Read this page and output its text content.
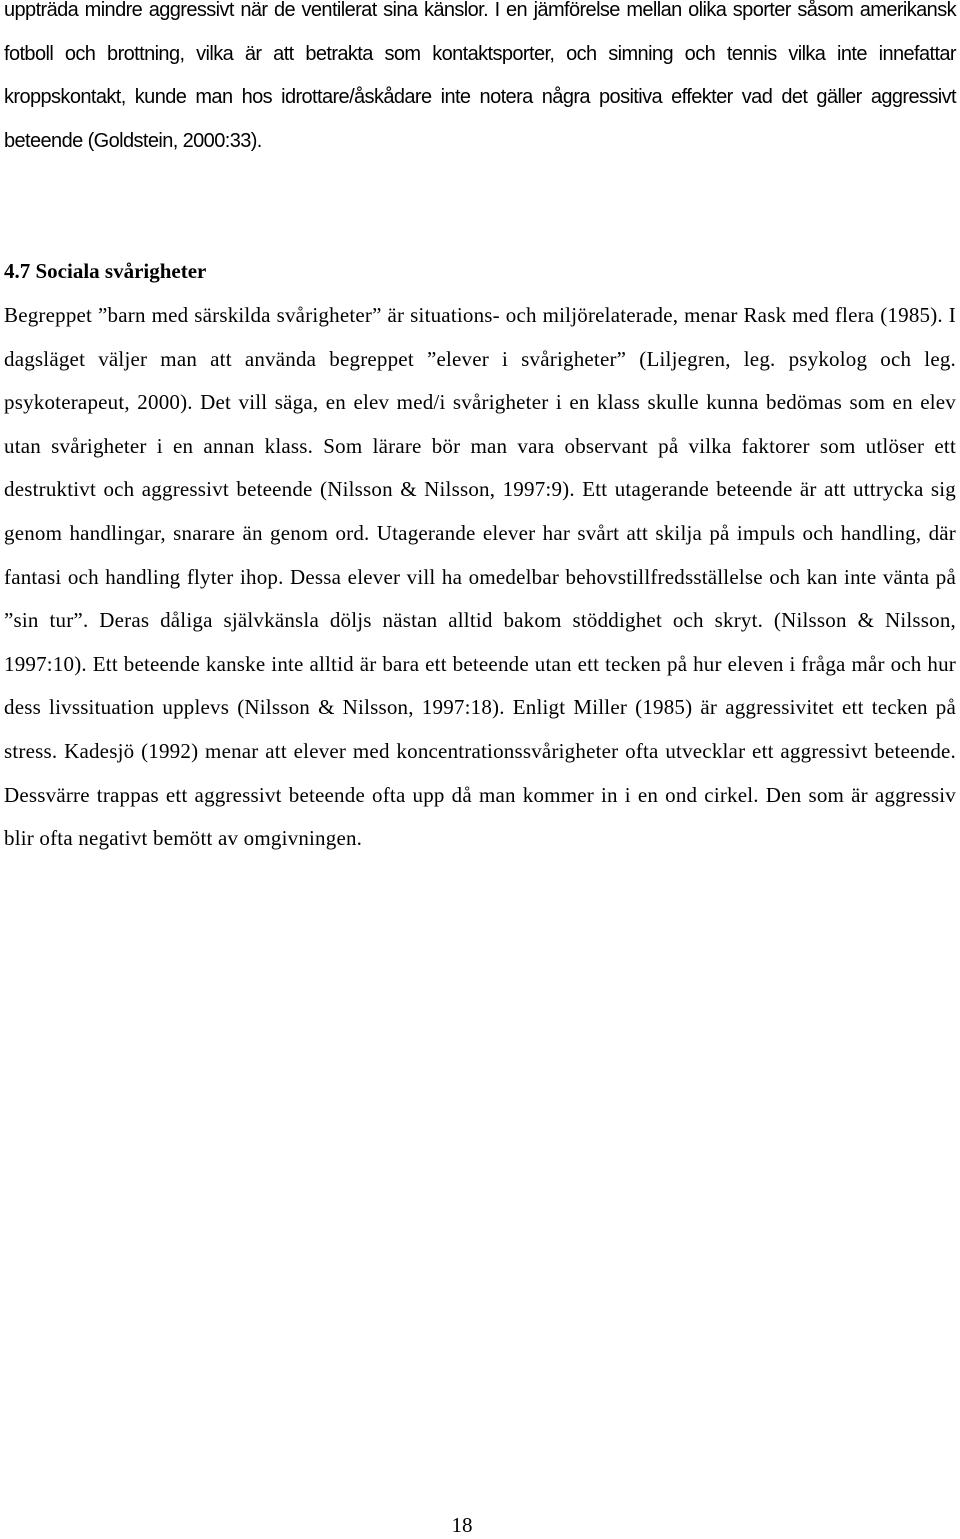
uppträda mindre aggressivt när de ventilerat sina känslor. I en jämförelse mellan olika sporter såsom amerikansk fotboll och brottning, vilka är att betrakta som kontaktsporter, och simning och tennis vilka inte innefattar kroppskontakt, kunde man hos idrottare/åskådare inte notera några positiva effekter vad det gäller aggressivt beteende (Goldstein, 2000:33).

4.7 Sociala svårigheter

Begreppet ”barn med särskilda svårigheter” är situations- och miljörelaterade, menar Rask med flera (1985). I dagsläget väljer man att använda begreppet ”elever i svårigheter” (Liljegren, leg. psykolog och leg. psykoterapeut, 2000). Det vill säga, en elev med/i svårigheter i en klass skulle kunna bedömas som en elev utan svårigheter i en annan klass. Som lärare bör man vara observant på vilka faktorer som utlöser ett destruktivt och aggressivt beteende (Nilsson & Nilsson, 1997:9). Ett utagerande beteende är att uttrycka sig genom handlingar, snarare än genom ord. Utagerande elever har svårt att skilja på impuls och handling, där fantasi och handling flyter ihop. Dessa elever vill ha omedelbar behovstillfredsställelse och kan inte vänta på ”sin tur”. Deras dåliga självkänsla döljs nästan alltid bakom stöddighet och skryt. (Nilsson & Nilsson, 1997:10). Ett beteende kanske inte alltid är bara ett beteende utan ett tecken på hur eleven i fråga mår och hur dess livssituation upplevs (Nilsson & Nilsson, 1997:18). Enligt Miller (1985) är aggressivitet ett tecken på stress. Kadesjö (1992) menar att elever med koncentrationssvårigheter ofta utvecklar ett aggressivt beteende. Dessvärre trappas ett aggressivt beteende ofta upp då man kommer in i en ond cirkel. Den som är aggressiv blir ofta negativt bemött av omgivningen.

18
